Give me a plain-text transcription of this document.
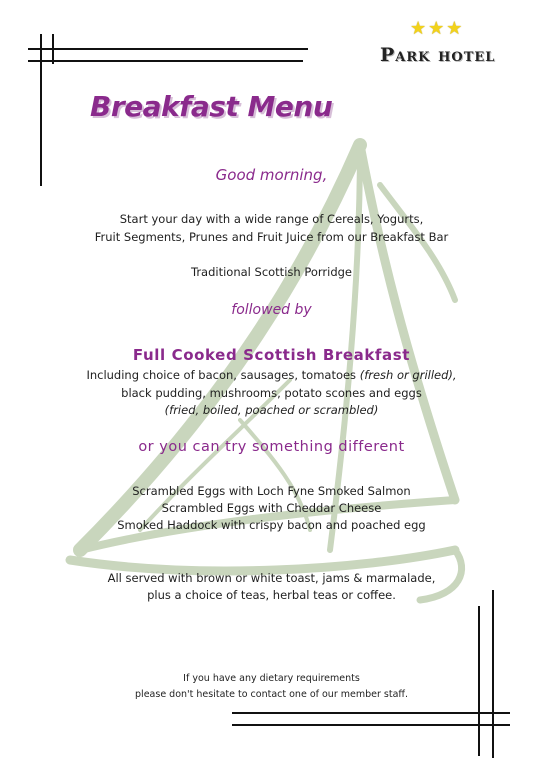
★★★
Park hotel
Breakfast Menu
Good morning,
Start your day with a wide range of Cereals, Yogurts,
Fruit Segments, Prunes and Fruit Juice from our Breakfast Bar
Traditional Scottish Porridge
followed by
Full Cooked Scottish Breakfast
Including choice of bacon, sausages, tomatoes (fresh or grilled),
black pudding, mushrooms, potato scones and eggs
(fried, boiled, poached or scrambled)
or you can try something different
Scrambled Eggs with Loch Fyne Smoked Salmon
Scrambled Eggs with Cheddar Cheese
Smoked Haddock with crispy bacon and poached egg
All served with brown or white toast, jams & marmalade,
plus a choice of teas, herbal teas or coffee.
If you have any dietary requirements
please don't hesitate to contact one of our member staff.
